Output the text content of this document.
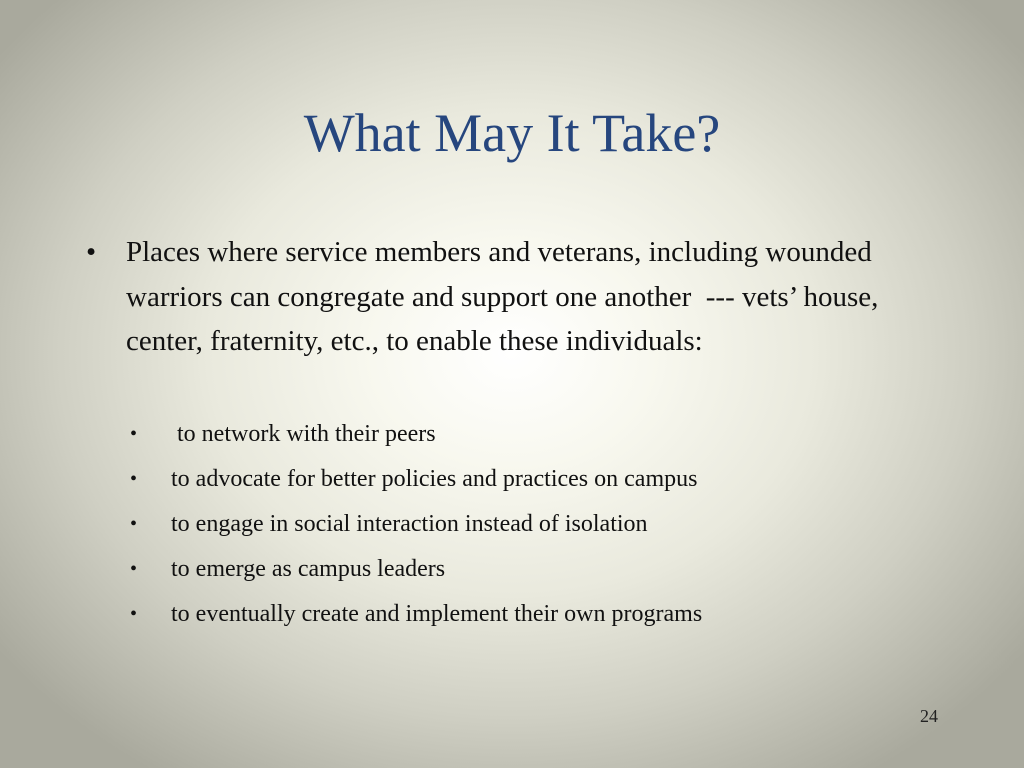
What May It Take?
• Places where service members and veterans, including wounded warriors can congregate and support one another  --- vets’ house, center, fraternity, etc., to enable these individuals:
• to network with their peers
• to advocate for better policies and practices on campus
• to engage in social interaction instead of isolation
• to emerge as campus leaders
• to eventually create and implement their own programs
24
